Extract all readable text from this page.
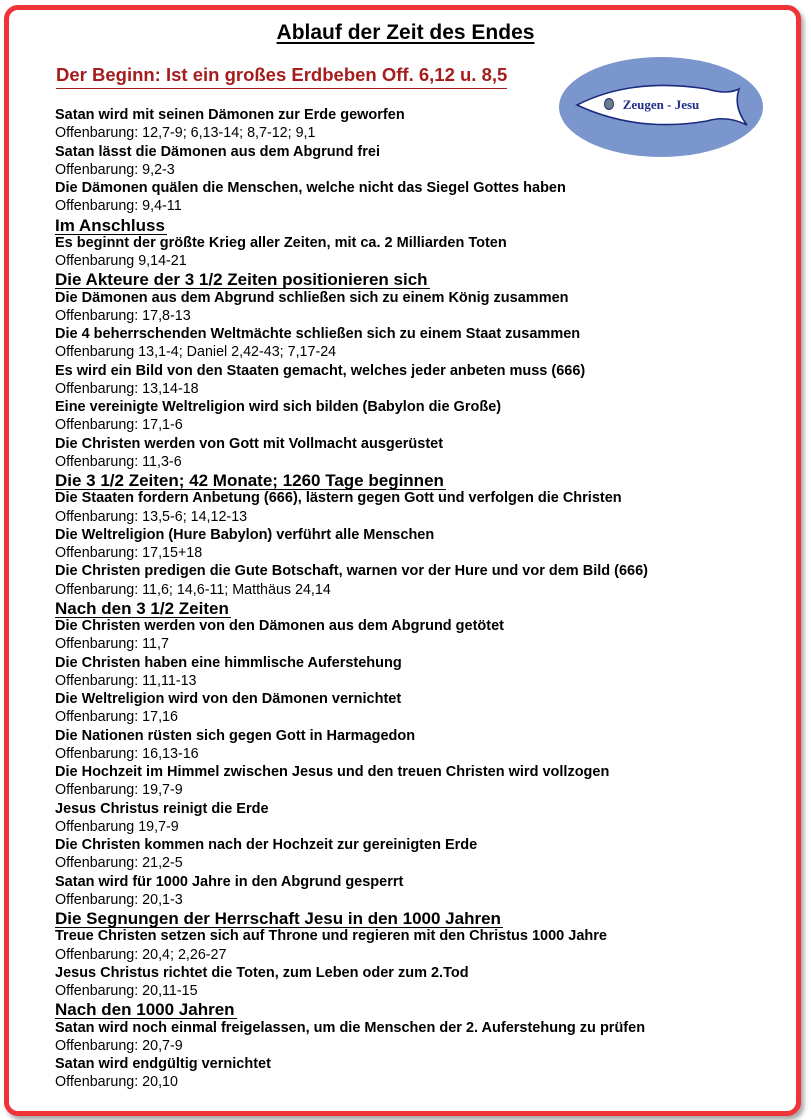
Ablauf der Zeit des Endes
Der Beginn: Ist ein großes Erdbeben Off. 6,12 u. 8,5
Zeugen - Jesu
Satan wird mit seinen Dämonen zur Erde geworfen
Offenbarung: 12,7-9; 6,13-14; 8,7-12; 9,1
Satan lässt die Dämonen aus dem Abgrund frei
Offenbarung: 9,2-3
Die Dämonen quälen die Menschen, welche nicht das Siegel Gottes haben
Offenbarung: 9,4-11
Im Anschluss
Es beginnt der größte Krieg aller Zeiten, mit ca. 2 Milliarden Toten
Offenbarung 9,14-21
Die Akteure der 3 1/2 Zeiten positionieren sich
Die Dämonen aus dem Abgrund schließen sich zu einem König zusammen
Offenbarung: 17,8-13
Die 4 beherrschenden Weltmächte schließen sich zu einem Staat zusammen
Offenbarung 13,1-4; Daniel 2,42-43; 7,17-24
Es wird ein Bild von den Staaten gemacht, welches jeder anbeten muss (666)
Offenbarung: 13,14-18
Eine vereinigte Weltreligion wird sich bilden (Babylon die Große)
Offenbarung: 17,1-6
Die Christen werden von Gott mit Vollmacht ausgerüstet
Offenbarung: 11,3-6
Die 3 1/2 Zeiten; 42 Monate; 1260 Tage beginnen
Die Staaten fordern Anbetung (666), lästern gegen Gott und verfolgen die Christen
Offenbarung: 13,5-6; 14,12-13
Die Weltreligion (Hure Babylon) verführt alle Menschen
Offenbarung: 17,15+18
Die Christen predigen die Gute Botschaft, warnen vor der Hure und vor dem Bild (666)
Offenbarung: 11,6; 14,6-11; Matthäus 24,14
Nach den 3 1/2 Zeiten
Die Christen werden von den Dämonen aus dem Abgrund getötet
Offenbarung: 11,7
Die Christen haben eine himmlische Auferstehung
Offenbarung: 11,11-13
Die Weltreligion wird von den Dämonen vernichtet
Offenbarung: 17,16
Die Nationen rüsten sich gegen Gott in Harmagedon
Offenbarung: 16,13-16
Die Hochzeit im Himmel zwischen Jesus und den treuen Christen wird vollzogen
Offenbarung: 19,7-9
Jesus Christus reinigt die Erde
Offenbarung 19,7-9
Die Christen kommen nach der Hochzeit zur gereinigten Erde
Offenbarung: 21,2-5
Satan wird für 1000 Jahre in den Abgrund gesperrt
Offenbarung: 20,1-3
Die Segnungen der Herrschaft Jesu in den 1000 Jahren
Treue Christen setzen sich auf Throne und regieren mit den Christus 1000 Jahre
Offenbarung: 20,4; 2,26-27
Jesus Christus richtet die Toten, zum Leben oder zum 2.Tod
Offenbarung: 20,11-15
Nach den 1000 Jahren
Satan wird noch einmal freigelassen, um die Menschen der 2. Auferstehung zu prüfen
Offenbarung: 20,7-9
Satan wird endgültig vernichtet
Offenbarung: 20,10
